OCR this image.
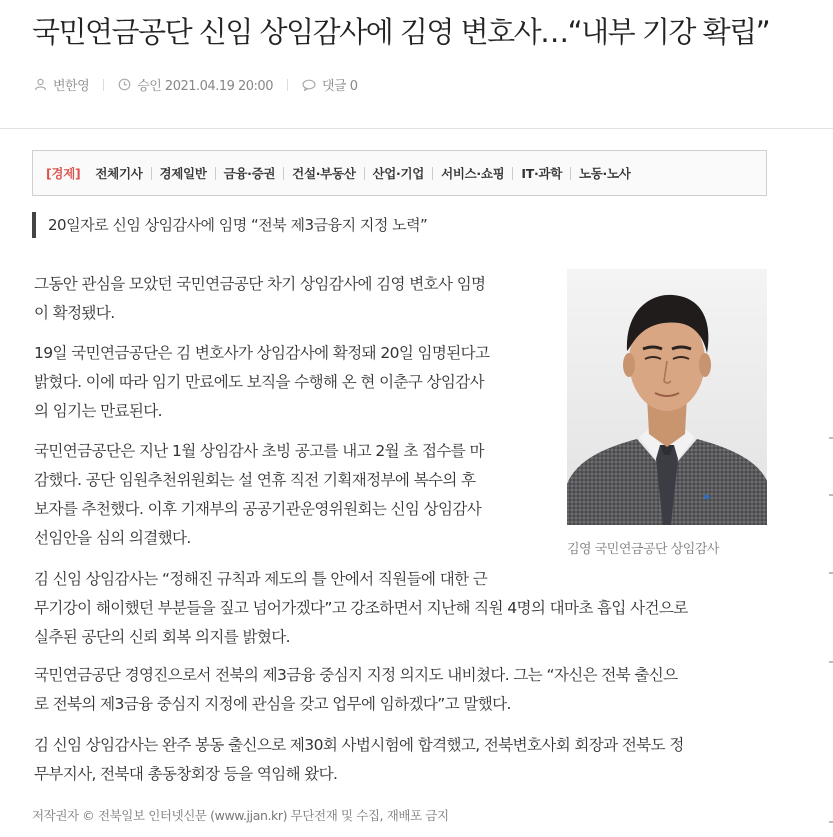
국민연금공단 신임 상임감사에 김영 변호사…“내부 기강 확립”
변한영	승인 2021.04.19 20:00	댓글 0
[경제] 전체기사 경제일반 금융·증권 건설·부동산 산업·기업 서비스·쇼핑 IT·과학 노동·노사
20일자로 신임 상임감사에 임명 “전북 제3금융지 지정 노력”
그동안 관심을 모았던 국민연금공단 차기 상임감사에 김영 변호사 임명
이 확정됐다.
19일 국민연금공단은 김 변호사가 상임감사에 확정돼 20일 임명된다고
밝혔다. 이에 따라 임기 만료에도 보직을 수행해 온 현 이춘구 상임감사
의 임기는 만료된다.
국민연금공단은 지난 1월 상임감사 초빙 공고를 내고 2월 초 접수를 마
감했다. 공단 임원추천위원회는 설 연휴 직전 기획재정부에 복수의 후
보자를 추천했다. 이후 기재부의 공공기관운영위원회는 신임 상임감사
선임안을 심의 의결했다.
김 신임 상임감사는 “정해진 규칙과 제도의 틀 안에서 직원들에 대한 근
무기강이 해이했던 부분들을 짚고 넘어가겠다”고 강조하면서 지난해 직원 4명의 대마초 흡입 사건으로
실추된 공단의 신뢰 회복 의지를 밝혔다.
국민연금공단 경영진으로서 전북의 제3금융 중심지 지정 의지도 내비쳤다. 그는 “자신은 전북 출신으
로 전북의 제3금융 중심지 지정에 관심을 갖고 업무에 임하겠다”고 말했다.
김 신임 상임감사는 완주 봉동 출신으로 제30회 사법시험에 합격했고, 전북변호사회 회장과 전북도 정
무부지사, 전북대 총동창회장 등을 역임해 왔다.
김영 국민연금공단 상임감사
저작권자 © 전북일보 인터넷신문 (www.jjan.kr) 무단전재 및 수집, 재배포 금지
